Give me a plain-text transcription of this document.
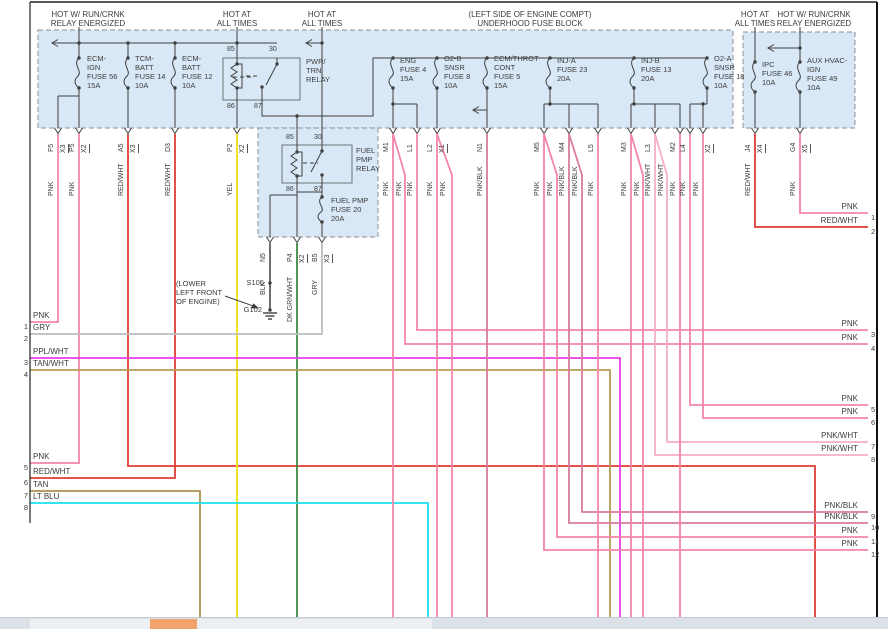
HOT W/ RUN/CRNK
RELAY ENERGIZED
HOT AT
ALL TIMES
HOT AT
ALL TIMES
(LEFT SIDE OF ENGINE COMPT)
UNDERHOOD FUSE BLOCK
HOT AT
ALL TIMES
HOT W/ RUN/CRNK
RELAY ENERGIZED
PWR/
TRN
RELAY
FUEL
PMP
RELAY
85	30
86	87
85	30
86	87
S105
G102
(LOWER
LEFT FRONT
OF ENGINE)
F5 X3
PNK
P5 X2
PNK
A5 X3
RED/WHT
D3
RED/WHT
P2 X2
YEL
N5
BLK
P4 X2
DK GRN/WHT
B5 X3
GRY
M1
PNK PNK
L1
PNK
L2 X1
PNK PNK
N1
PNK/BLK
M5
PNK PNK
M4
PNK/BLK PNK/BLK
L5
PNK
M3
PNK PNK
L3
PNK/WHT PNK/WHT
M2
PNK
L4
PNK
X2
PNK
J4 X4
RED/WHT
G4 X5
PNK
PNK
1 GRY
2
PPL/WHT
3 TAN/WHT
4
PNK
5 RED/WHT
6 TAN
7 LT BLU
8
PNK
1
RED/WHT
2
PNK
3
PNK
4
PNK
5
PNK
6
PNK/WHT
7
PNK/WHT
8
PNK/BLK
9
PNK/BLK
10
PNK
11
PNK
12
ECM-
IGN
FUSE 56
15A
TCM-
BATT
FUSE 14
10A
ECM-
BATT
FUSE 12
10A
ENG
FUSE 4
15A
O2-B
SNSR
FUSE 8
10A
ECM/THROT
CONT
FUSE 5
15A
INJ-A
FUSE 23
20A
INJ-B
FUSE 13
20A
O2-A
SNSR
FUSE 18
10A
IPC
FUSE 46
10A
AUX HVAC-
IGN
FUSE 49
10A
FUEL PMP
FUSE 20
20A
